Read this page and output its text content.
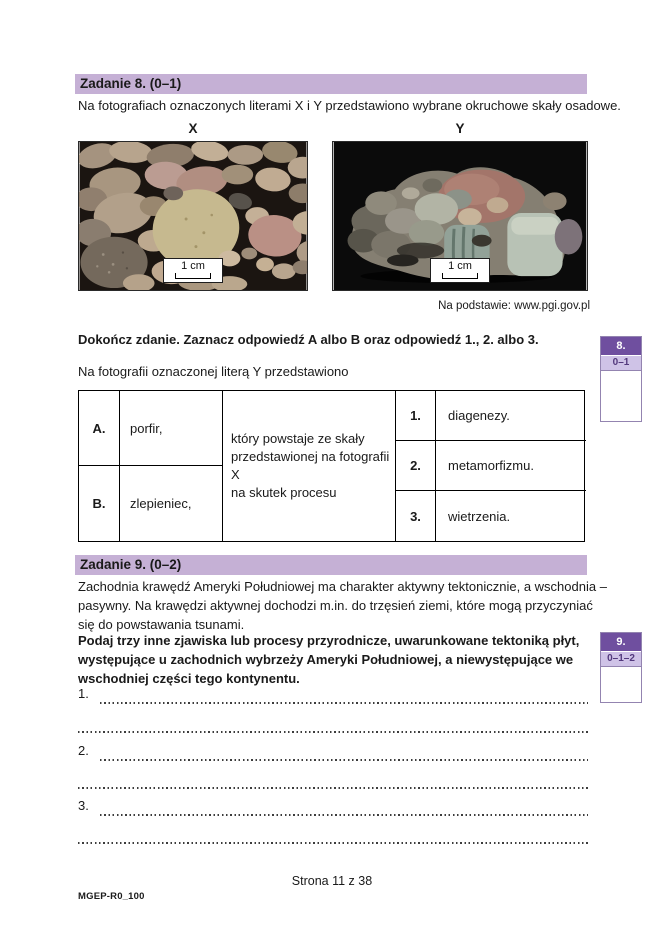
Zadanie 8. (0–1)
Na fotografiach oznaczonych literami X i Y przedstawiono wybrane okruchowe skały osadowe.
X	Y
1 cm	1 cm
Na podstawie: www.pgi.gov.pl
Dokończ zdanie. Zaznacz odpowiedź A albo B oraz odpowiedź 1., 2. albo 3.
Na fotografii oznaczonej literą Y przedstawiono
A.	porfir,
B.	zlepieniec,
który powstaje ze skały
przedstawionej na fotografii X
na skutek procesu
1.	diagenezy.
2.	metamorfizmu.
3.	wietrzenia.
8.
0–1
Zadanie 9. (0–2)
Zachodnia krawędź Ameryki Południowej ma charakter aktywny tektonicznie, a wschodnia –
pasywny. Na krawędzi aktywnej dochodzi m.in. do trzęsień ziemi, które mogą przyczyniać
się do powstawania tsunami.
Podaj trzy inne zjawiska lub procesy przyrodnicze, uwarunkowane tektoniką płyt,
występujące u zachodnich wybrzeży Ameryki Południowej, a niewystępujące we
wschodniej części tego kontynentu.
9.
0–1–2
1.
2.
3.
Strona 11 z 38
MGEP-R0_100
